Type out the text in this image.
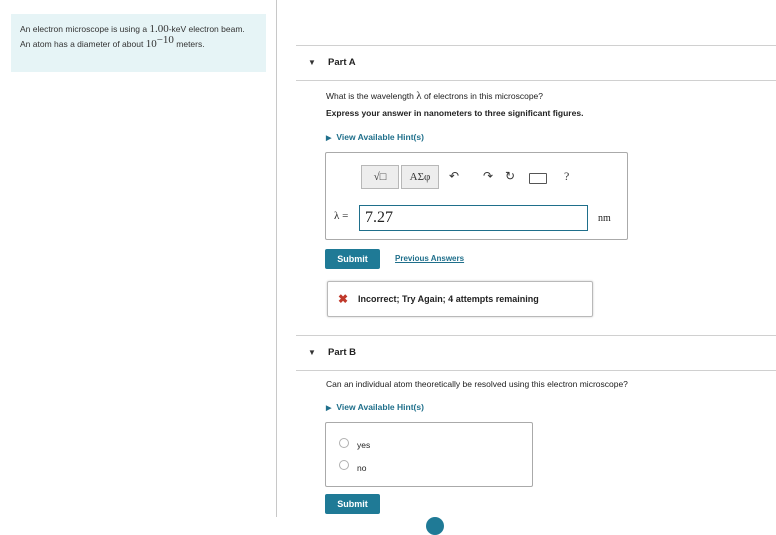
An electron microscope is using a 1.00-keV electron beam. An atom has a diameter of about $10^{-10}$ meters.
▼ Part A
What is the wavelength λ of electrons in this microscope?
Express your answer in nanometers to three significant figures.
▶ View Available Hint(s)
√□ ΑΣφ ↶ ↷ ↻	?
λ =
7.27	nm
Submit	Previous Answers
✖ Incorrect; Try Again; 4 attempts remaining
▼ Part B
Can an individual atom theoretically be resolved using this electron microscope?
▶ View Available Hint(s)
yes
no
Submit
